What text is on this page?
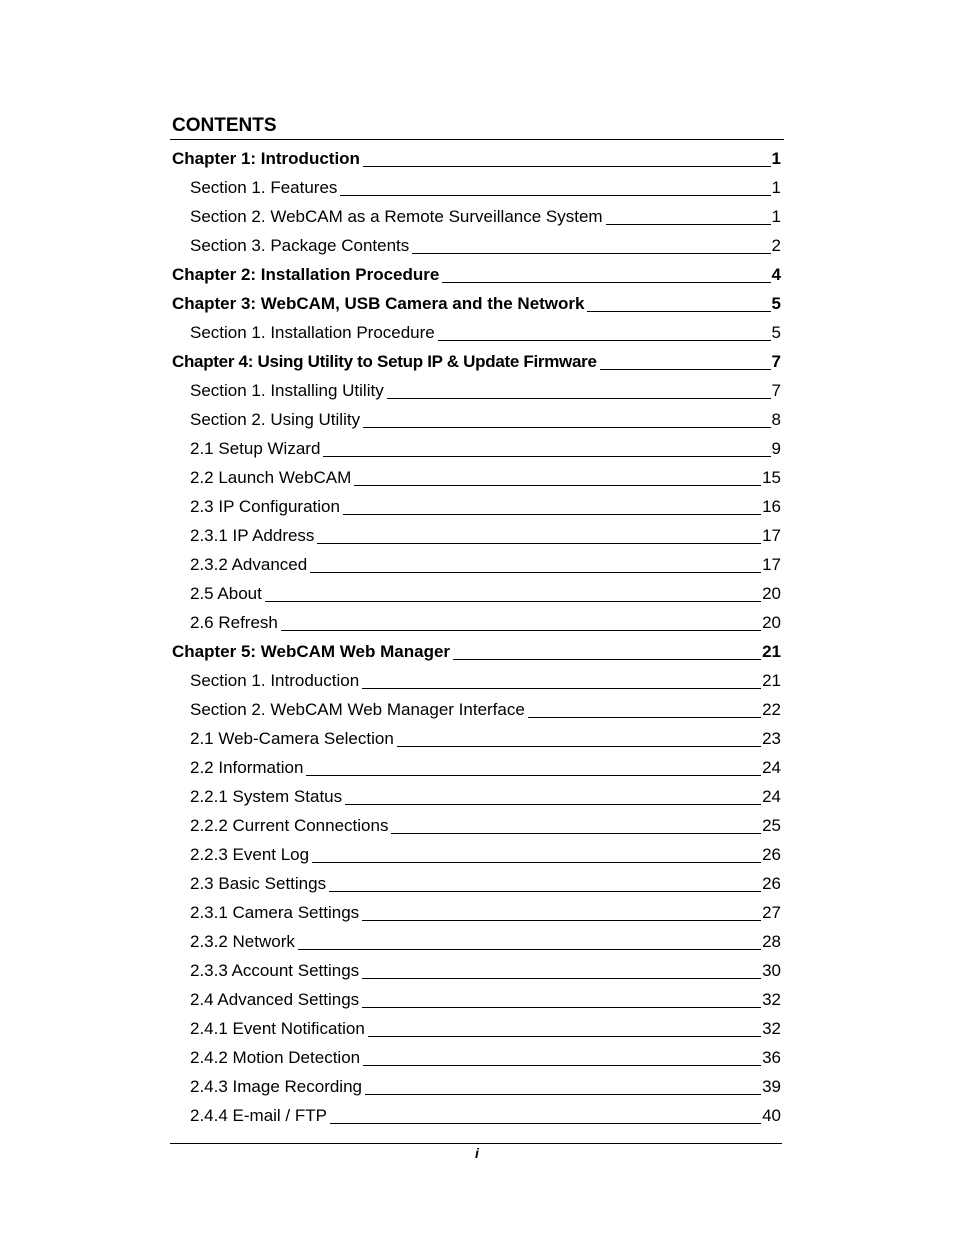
CONTENTS
Chapter 1: Introduction	1
Section 1. Features	1
Section 2. WebCAM as a Remote Surveillance System	1
Section 3. Package Contents	2
Chapter 2: Installation Procedure	4
Chapter 3: WebCAM, USB Camera and the Network	5
Section 1. Installation Procedure	5
Chapter 4: Using Utility to Setup IP & Update Firmware	7
Section 1. Installing Utility	7
Section 2. Using Utility	8
2.1 Setup Wizard	9
2.2 Launch WebCAM	15
2.3 IP Configuration	16
2.3.1 IP Address	17
2.3.2 Advanced	17
2.5 About	20
2.6 Refresh	20
Chapter 5: WebCAM Web Manager	21
Section 1. Introduction	21
Section 2. WebCAM Web Manager Interface	22
2.1 Web-Camera Selection	23
2.2 Information	24
2.2.1 System Status	24
2.2.2 Current Connections	25
2.2.3 Event Log	26
2.3 Basic Settings	26
2.3.1 Camera Settings	27
2.3.2 Network	28
2.3.3 Account Settings	30
2.4 Advanced Settings	32
2.4.1 Event Notification	32
2.4.2 Motion Detection	36
2.4.3 Image Recording	39
2.4.4 E-mail / FTP	40
i
